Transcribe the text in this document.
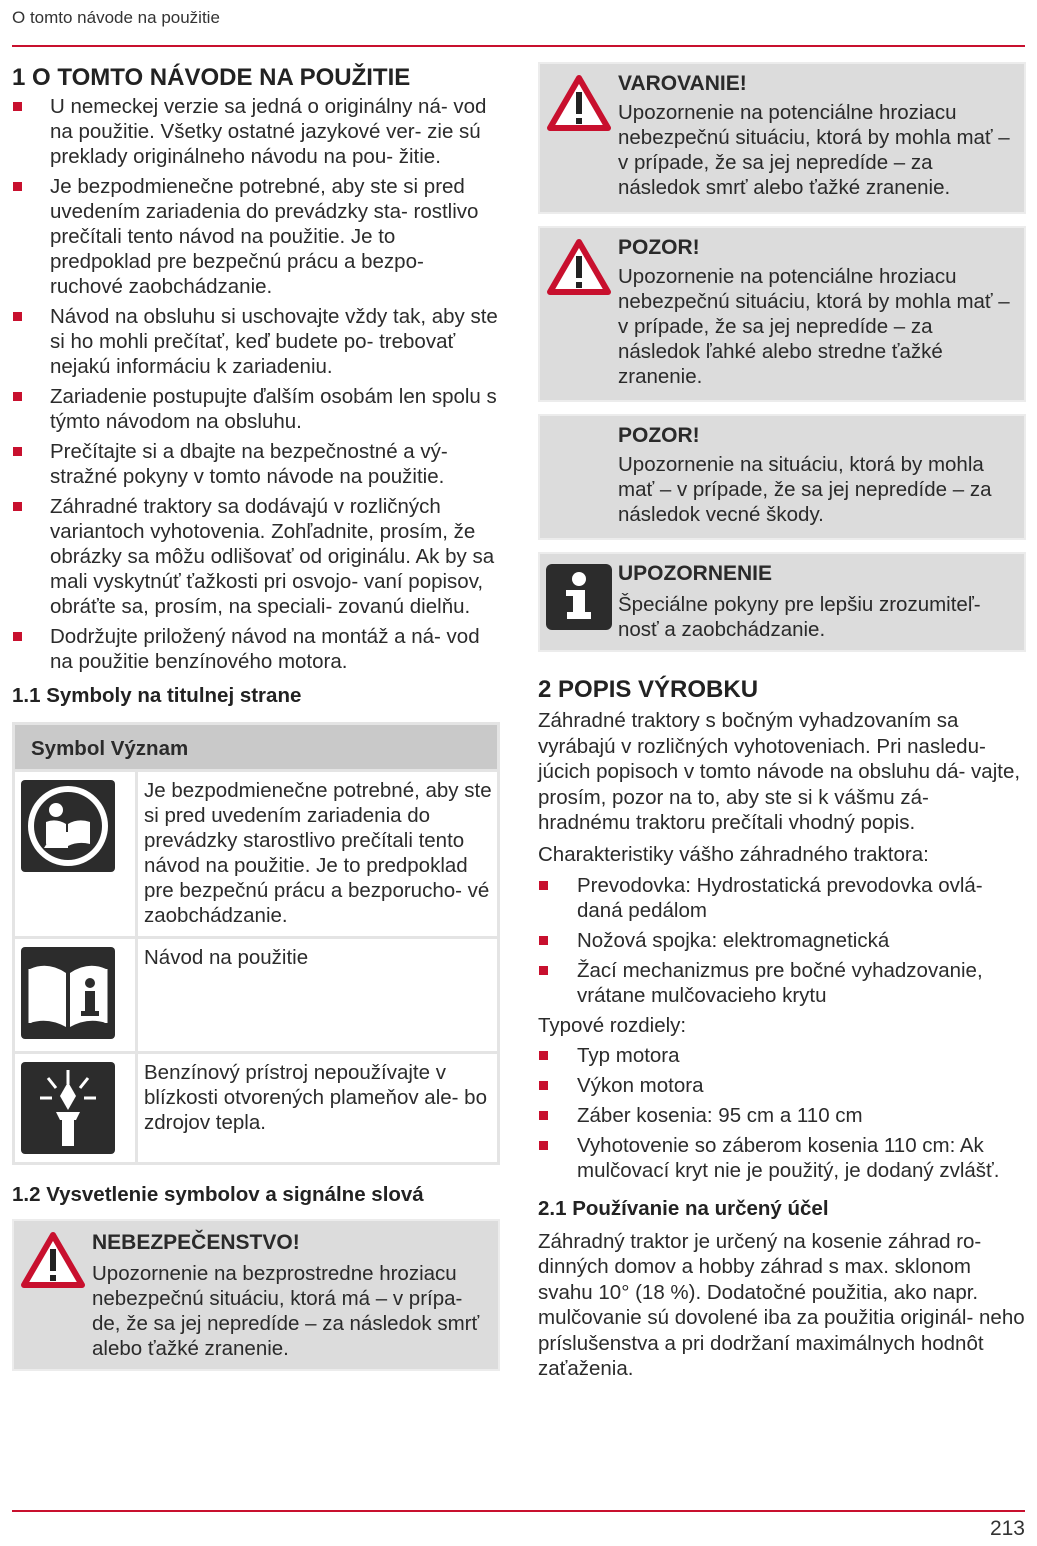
O tomto návode na použitie
1 O TOMTO NÁVODE NA POUŽITIE
U nemeckej verzie sa jedná o originálny ná- vod na použitie. Všetky ostatné jazykové ver- zie sú preklady originálneho návodu na pou- žitie.
Je bezpodmienečne potrebné, aby ste si pred uvedením zariadenia do prevádzky sta- rostlivo prečítali tento návod na použitie. Je to predpoklad pre bezpečnú prácu a bezpo- ruchové zaobchádzanie.
Návod na obsluhu si uschovajte vždy tak, aby ste si ho mohli prečítať, keď budete po- trebovať nejakú informáciu k zariadeniu.
Zariadenie postupujte ďalším osobám len spolu s týmto návodom na obsluhu.
Prečítajte si a dbajte na bezpečnostné a vý- stražné pokyny v tomto návode na použitie.
Záhradné traktory sa dodávajú v rozličných variantoch vyhotovenia. Zohľadnite, prosím, že obrázky sa môžu odlišovať od originálu. Ak by sa mali vyskytnúť ťažkosti pri osvojo- vaní popisov, obráťte sa, prosím, na speciali- zovanú dielňu.
Dodržujte priložený návod na montáž a ná- vod na použitie benzínového motora.
1.1 Symboly na titulnej strane
Symbol Význam	

	Je bezpodmienečne potrebné, aby ste si pred uvedením zariadenia do prevádzky starostlivo prečítali tento návod na použitie. Je to predpoklad pre bezpečnú prácu a bezporucho- vé zaobchádzanie.

	Návod na použitie

	Benzínový prístroj nepoužívajte v blízkosti otvorených plameňov ale- bo zdrojov tepla.
1.2 Vysvetlenie symbolov a signálne slová
NEBEZPEČENSTVO!
Upozornenie na bezprostredne hroziacu nebezpečnú situáciu, ktorá má – v prípa- de, že sa jej nepredíde – za následok smrť alebo ťažké zranenie.
VAROVANIE!
Upozornenie na potenciálne hroziacu nebezpečnú situáciu, ktorá by mohla mať – v prípade, že sa jej nepredíde – za následok smrť alebo ťažké zranenie.
POZOR!
Upozornenie na potenciálne hroziacu nebezpečnú situáciu, ktorá by mohla mať – v prípade, že sa jej nepredíde – za následok ľahké alebo stredne ťažké zranenie.
POZOR!
Upozornenie na situáciu, ktorá by mohla mať – v prípade, že sa jej nepredíde – za následok vecné škody.
UPOZORNENIE
Špeciálne pokyny pre lepšiu zrozumiteľ- nosť a zaobchádzanie.
2 POPIS VÝROBKU

Záhradné traktory s bočným vyhadzovaním sa vyrábajú v rozličných vyhotoveniach. Pri nasledu- júcich popisoch v tomto návode na obsluhu dá- vajte, prosím, pozor na to, aby ste si k vášmu zá- hradnému traktoru prečítali vhodný popis.

Charakteristiky vášho záhradného traktora:

Prevodovka: Hydrostatická prevodovka ovlá- daná pedálom
Nožová spojka: elektromagnetická
Žací mechanizmus pre bočné vyhadzovanie, vrátane mulčovacieho krytu

Typové rozdiely:

Typ motora
Výkon motora
Záber kosenia: 95 cm a 110 cm
Vyhotovenie so záberom kosenia 110 cm: Ak mulčovací kryt nie je použitý, je dodaný zvlášť.
2.1 Používanie na určený účel

Záhradný traktor je určený na kosenie záhrad ro- dinných domov a hobby záhrad s max. sklonom svahu 10° (18 %). Dodatočné použitia, ako napr. mulčovanie sú dovolené iba za použitia originál- neho príslušenstva a pri dodržaní maximálnych hodnôt zaťaženia.

213
